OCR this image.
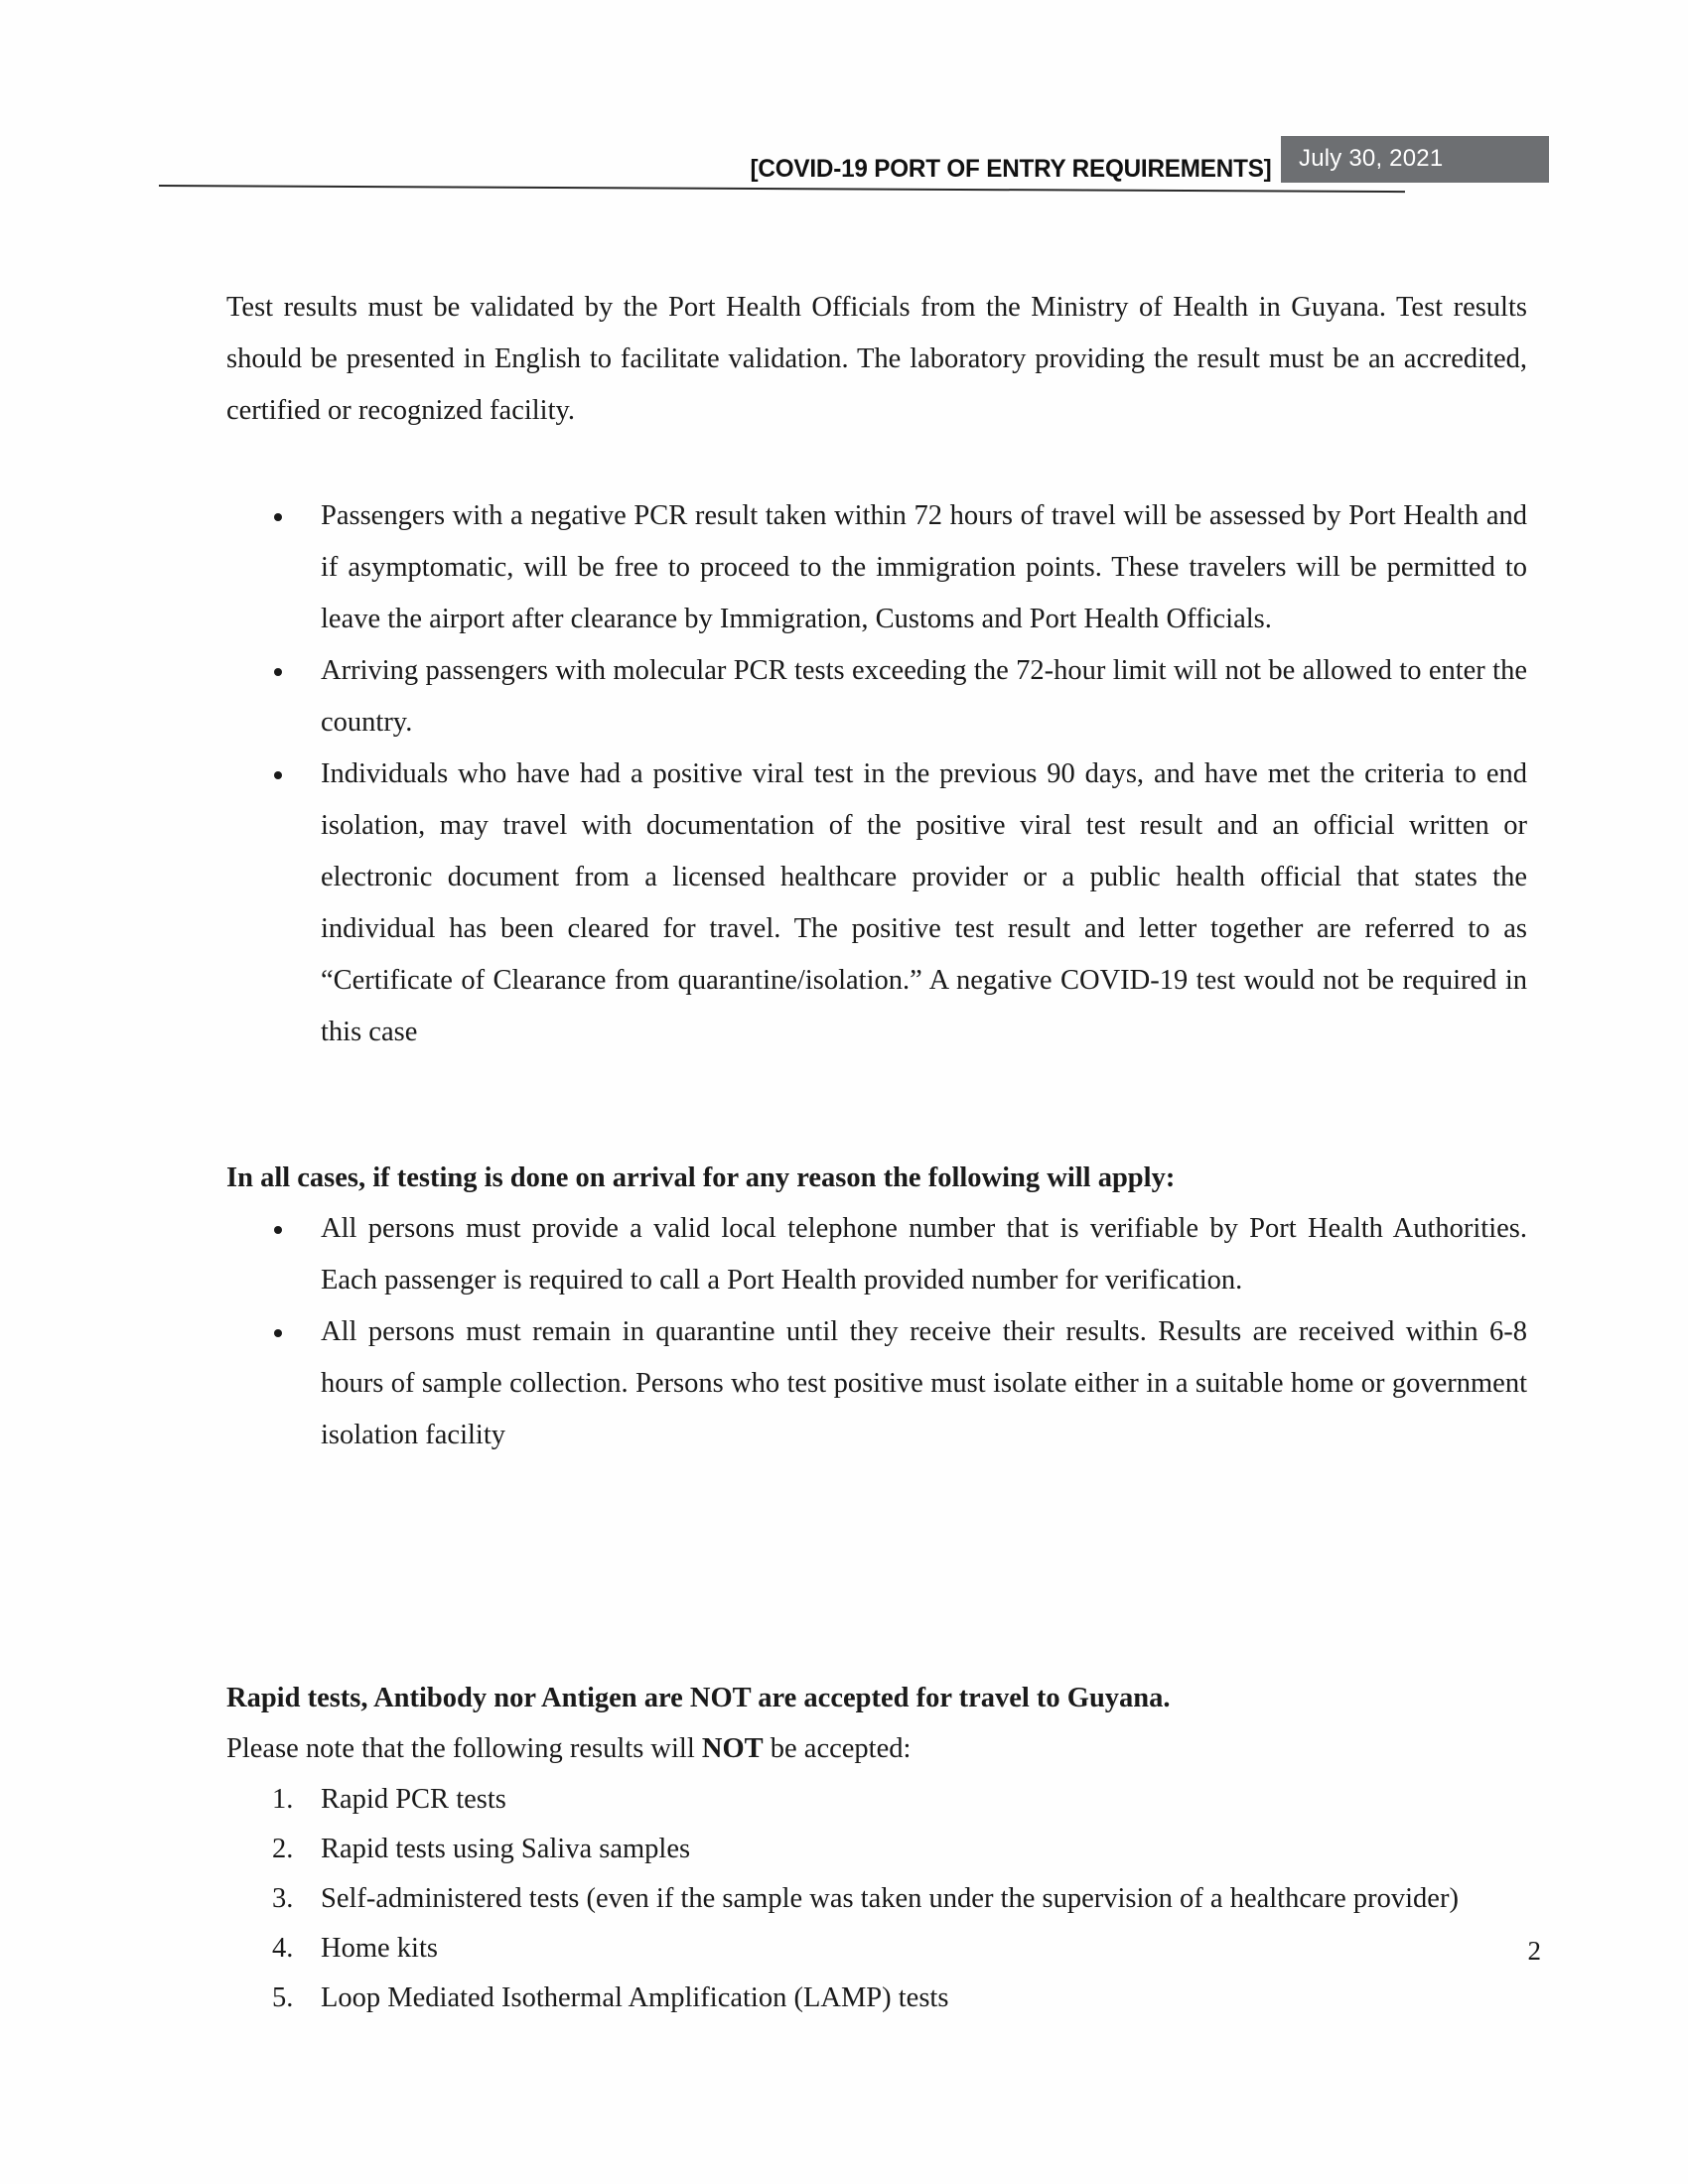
[COVID-19 PORT OF ENTRY REQUIREMENTS]	July 30, 2021

Test results must be validated by the Port Health Officials from the Ministry of Health in Guyana. Test results should be presented in English to facilitate validation. The laboratory providing the result must be an accredited, certified or recognized facility.

Passengers with a negative PCR result taken within 72 hours of travel will be assessed by Port Health and if asymptomatic, will be free to proceed to the immigration points. These travelers will be permitted to leave the airport after clearance by Immigration, Customs and Port Health Officials.
Arriving passengers with molecular PCR tests exceeding the 72-hour limit will not be allowed to enter the country.
Individuals who have had a positive viral test in the previous 90 days, and have met the criteria to end isolation, may travel with documentation of the positive viral test result and an official written or electronic document from a licensed healthcare provider or a public health official that states the individual has been cleared for travel. The positive test result and letter together are referred to as “Certificate of Clearance from quarantine/isolation.” A negative COVID-19 test would not be required in this case
In all cases, if testing is done on arrival for any reason the following will apply:
All persons must provide a valid local telephone number that is verifiable by Port Health Authorities. Each passenger is required to call a Port Health provided number for verification.
All persons must remain in quarantine until they receive their results. Results are received within 6-8 hours of sample collection. Persons who test positive must isolate either in a suitable home or government isolation facility
Rapid tests, Antibody nor Antigen are NOT are accepted for travel to Guyana.

Please note that the following results will NOT be accepted:

Rapid PCR tests
Rapid tests using Saliva samples
Self-administered tests (even if the sample was taken under the supervision of a healthcare provider)
Home kits
Loop Mediated Isothermal Amplification (LAMP) tests
2
